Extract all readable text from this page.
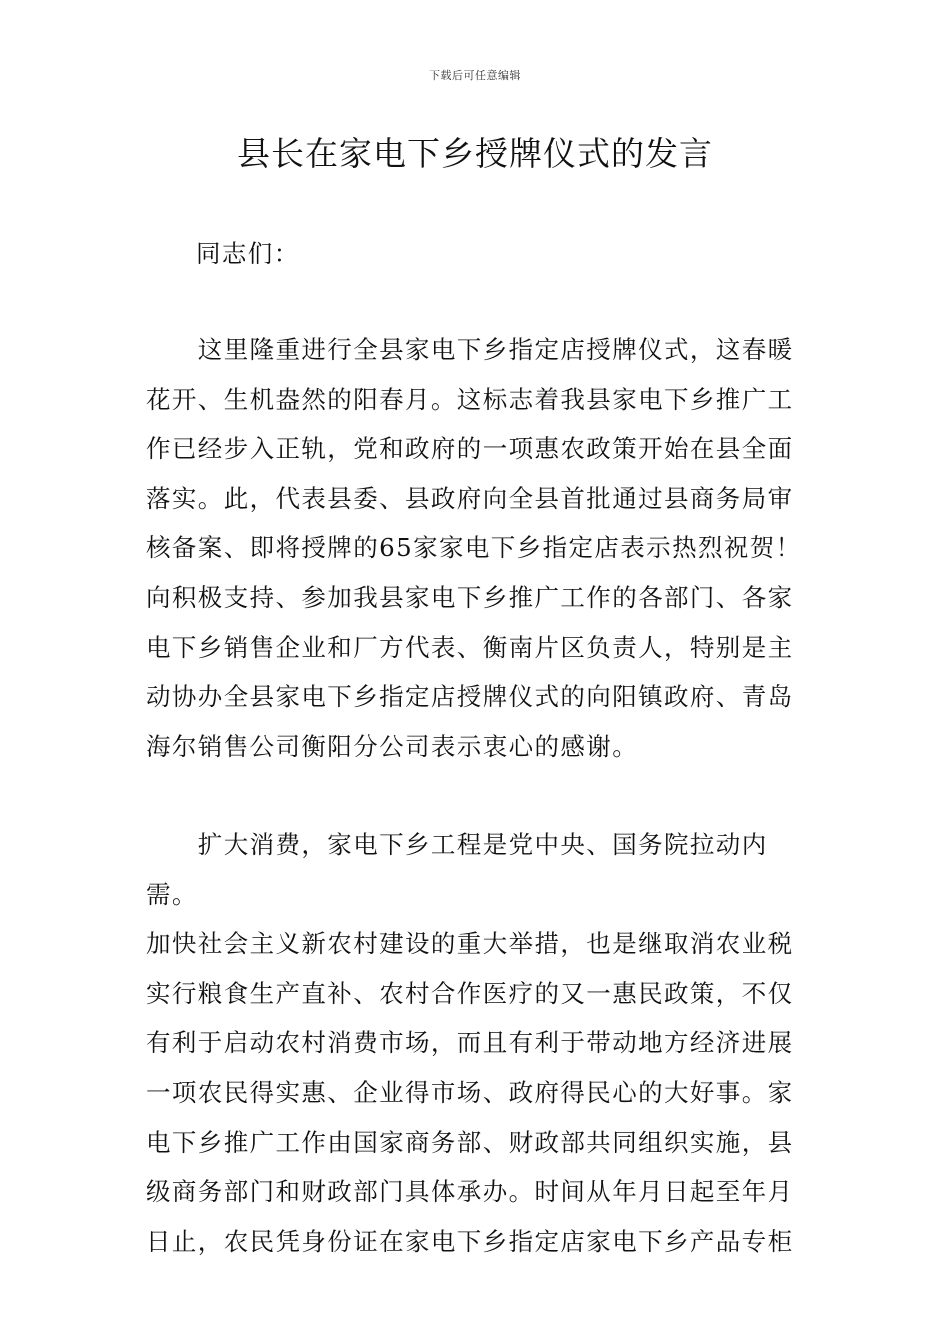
下载后可任意编辑
县长在家电下乡授牌仪式的发言
同志们：

　　这里隆重进行全县家电下乡指定店授牌仪式，这春暖
花开、生机盎然的阳春月。这标志着我县家电下乡推广工
作已经步入正轨，党和政府的一项惠农政策开始在县全面
落实。此，代表县委、县政府向全县首批通过县商务局审
核备案、即将授牌的65家家电下乡指定店表示热烈祝贺！
向积极支持、参加我县家电下乡推广工作的各部门、各家
电下乡销售企业和厂方代表、衡南片区负责人，特别是主
动协办全县家电下乡指定店授牌仪式的向阳镇政府、青岛
海尔销售公司衡阳分公司表示衷心的感谢。

　　扩大消费，家电下乡工程是党中央、国务院拉动内需。
加快社会主义新农村建设的重大举措，也是继取消农业税
实行粮食生产直补、农村合作医疗的又一惠民政策，不仅
有利于启动农村消费市场，而且有利于带动地方经济进展
一项农民得实惠、企业得市场、政府得民心的大好事。家
电下乡推广工作由国家商务部、财政部共同组织实施，县
级商务部门和财政部门具体承办。时间从年月日起至年月
日止，农民凭身份证在家电下乡指定店家电下乡产品专柜
